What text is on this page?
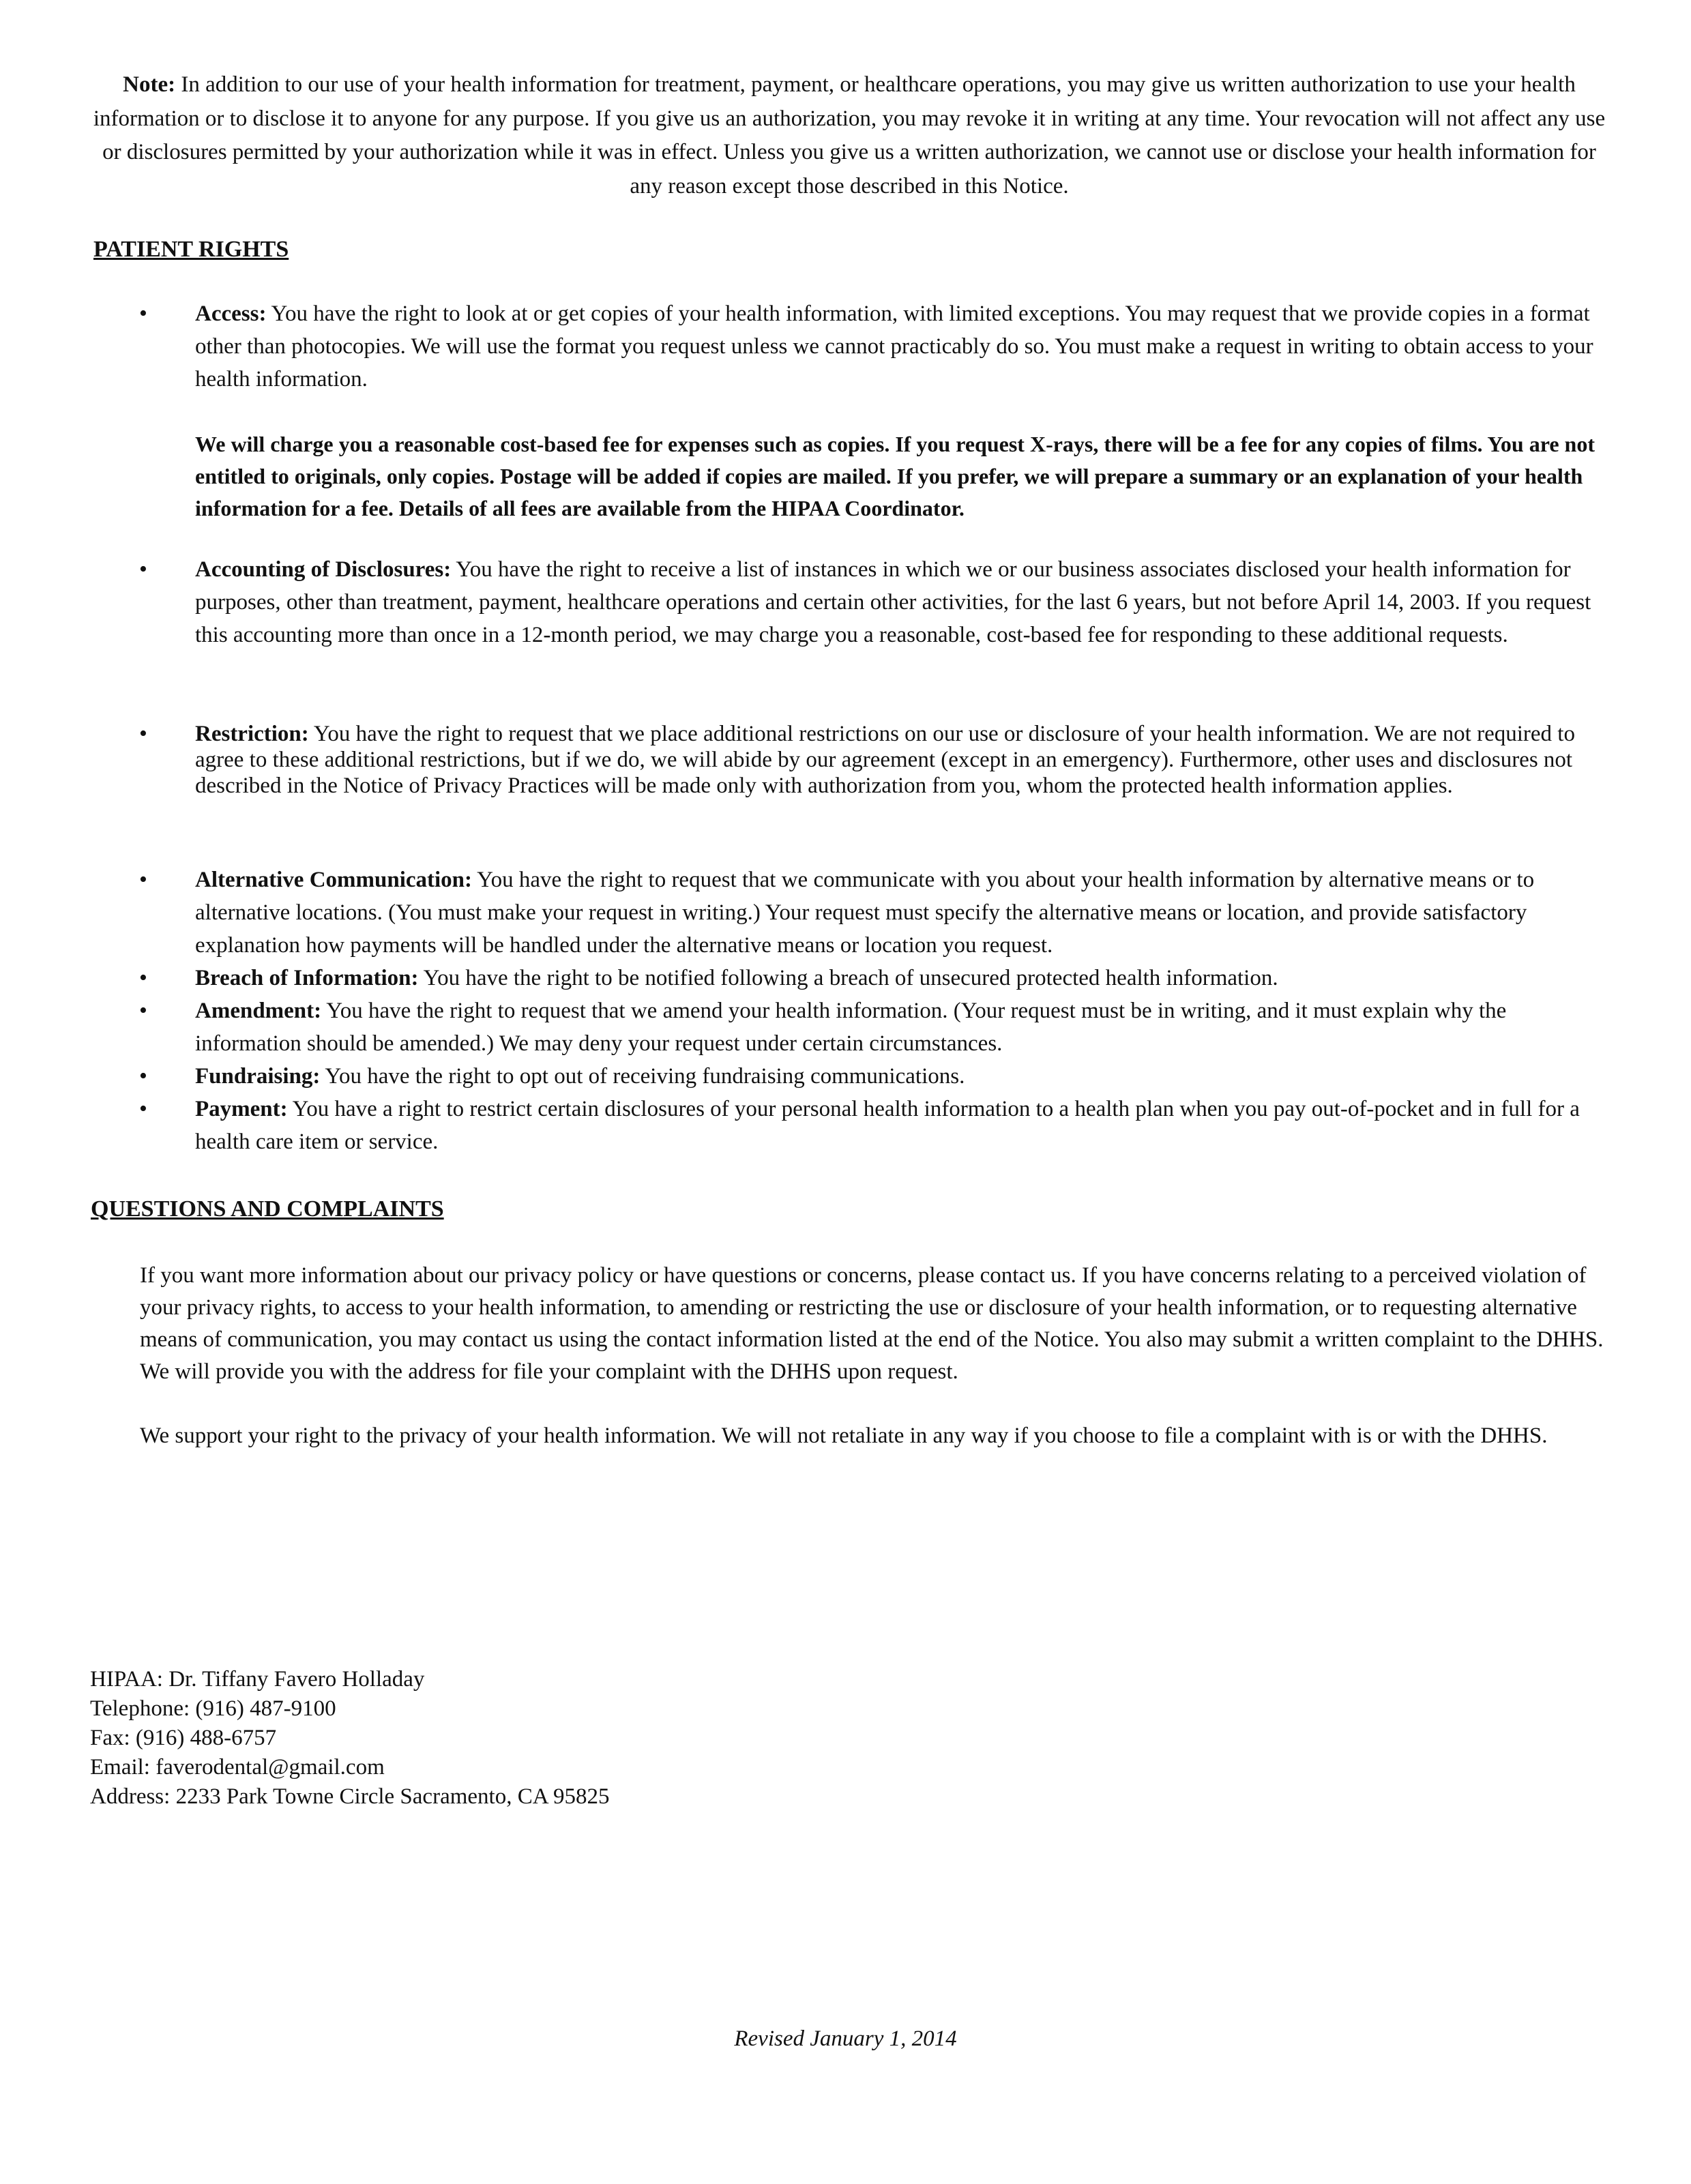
Note: In addition to our use of your health information for treatment, payment, or healthcare operations, you may give us written authorization to use your health information or to disclose it to anyone for any purpose. If you give us an authorization, you may revoke it in writing at any time. Your revocation will not affect any use or disclosures permitted by your authorization while it was in effect. Unless you give us a written authorization, we cannot use or disclose your health information for any reason except those described in this Notice.
PATIENT RIGHTS
• Access: You have the right to look at or get copies of your health information, with limited exceptions. You may request that we provide copies in a format other than photocopies. We will use the format you request unless we cannot practicably do so. You must make a request in writing to obtain access to your health information.
We will charge you a reasonable cost-based fee for expenses such as copies. If you request X-rays, there will be a fee for any copies of films. You are not entitled to originals, only copies. Postage will be added if copies are mailed. If you prefer, we will prepare a summary or an explanation of your health information for a fee. Details of all fees are available from the HIPAA Coordinator.
• Accounting of Disclosures: You have the right to receive a list of instances in which we or our business associates disclosed your health information for purposes, other than treatment, payment, healthcare operations and certain other activities, for the last 6 years, but not before April 14, 2003. If you request this accounting more than once in a 12-month period, we may charge you a reasonable, cost-based fee for responding to these additional requests.
• Restriction: You have the right to request that we place additional restrictions on our use or disclosure of your health information. We are not required to agree to these additional restrictions, but if we do, we will abide by our agreement (except in an emergency). Furthermore, other uses and disclosures not described in the Notice of Privacy Practices will be made only with authorization from you, whom the protected health information applies.
• Alternative Communication: You have the right to request that we communicate with you about your health information by alternative means or to alternative locations. (You must make your request in writing.) Your request must specify the alternative means or location, and provide satisfactory explanation how payments will be handled under the alternative means or location you request.
• Breach of Information: You have the right to be notified following a breach of unsecured protected health information.
• Amendment: You have the right to request that we amend your health information. (Your request must be in writing, and it must explain why the information should be amended.) We may deny your request under certain circumstances.
• Fundraising: You have the right to opt out of receiving fundraising communications.
• Payment: You have a right to restrict certain disclosures of your personal health information to a health plan when you pay out-of-pocket and in full for a health care item or service.
QUESTIONS AND COMPLAINTS

If you want more information about our privacy policy or have questions or concerns, please contact us. If you have concerns relating to a perceived violation of your privacy rights, to access to your health information, to amending or restricting the use or disclosure of your health information, or to requesting alternative means of communication, you may contact us using the contact information listed at the end of the Notice. You also may submit a written complaint to the DHHS. We will provide you with the address for file your complaint with the DHHS upon request.

We support your right to the privacy of your health information. We will not retaliate in any way if you choose to file a complaint with is or with the DHHS.

HIPAA: Dr. Tiffany Favero Holladay
Telephone: (916) 487-9100
Fax: (916) 488-6757
Email: faverodental@gmail.com
Address: 2233 Park Towne Circle Sacramento, CA 95825
Revised January 1, 2014
